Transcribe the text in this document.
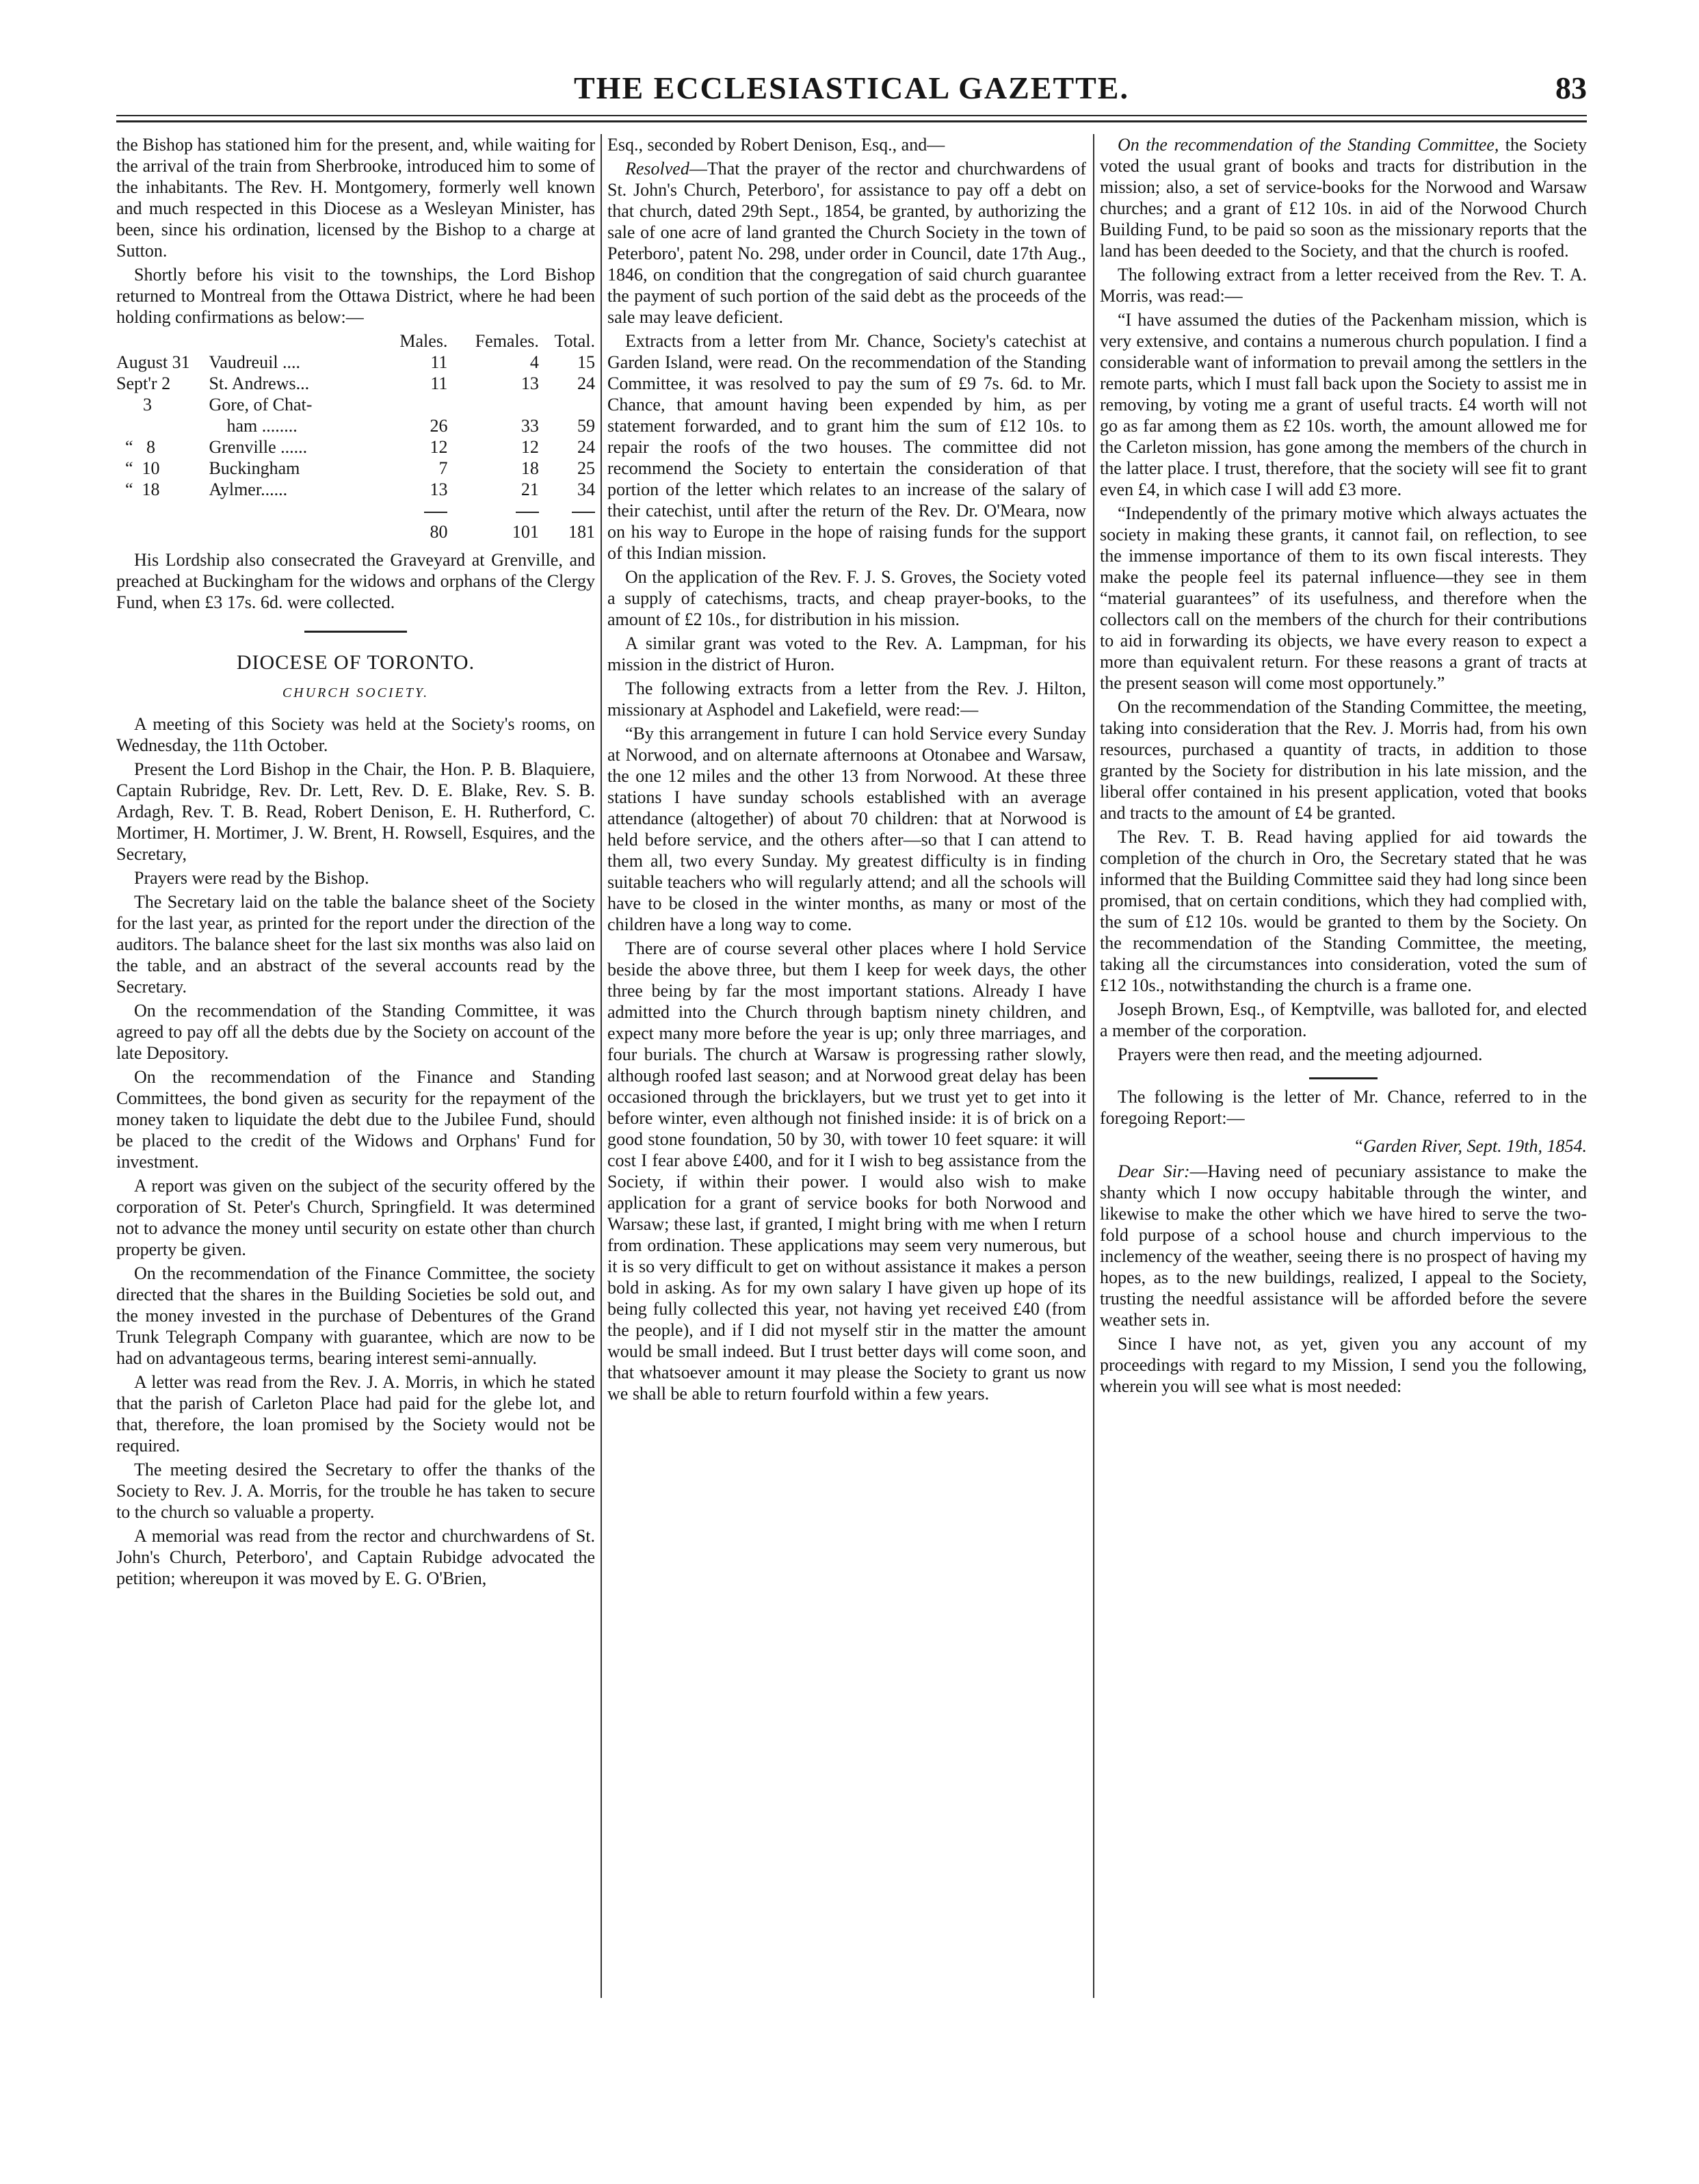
THE ECCLESIASTICAL GAZETTE.	83

the Bishop has stationed him for the present, and, while waiting for the arrival of the train from Sherbrooke, introduced him to some of the inhabitants. The Rev. H. Montgomery, formerly well known and much respected in this Diocese as a Wesleyan Minister, has been, since his ordination, licensed by the Bishop to a charge at Sutton.

Shortly before his visit to the townships, the Lord Bishop returned to Montreal from the Ottawa District, where he had been holding confirmations as below:—

		Males.	Females.	Total.
August 31	Vaudreuil ....	11	4	15
Sept'r 2	St. Andrews...	11	13	24
3	Gore, of Chat-			
	ham ........	26	33	59
“   8	Grenville ......	12	12	24
“  10	Buckingham	7	18	25
“  18	Aylmer......	13	21	34

		80	101	181

His Lordship also consecrated the Graveyard at Grenville, and preached at Buckingham for the widows and orphans of the Clergy Fund, when £3 17s. 6d. were collected.

DIOCESE OF TORONTO.

CHURCH SOCIETY.

A meeting of this Society was held at the Society's rooms, on Wednesday, the 11th October.

Present the Lord Bishop in the Chair, the Hon. P. B. Blaquiere, Captain Rubridge, Rev. Dr. Lett, Rev. D. E. Blake, Rev. S. B. Ardagh, Rev. T. B. Read, Robert Denison, E. H. Rutherford, C. Mortimer, H. Mortimer, J. W. Brent, H. Rowsell, Esquires, and the Secretary,

Prayers were read by the Bishop.

The Secretary laid on the table the balance sheet of the Society for the last year, as printed for the report under the direction of the auditors. The balance sheet for the last six months was also laid on the table, and an abstract of the several accounts read by the Secretary.

On the recommendation of the Standing Committee, it was agreed to pay off all the debts due by the Society on account of the late Depository.

On the recommendation of the Finance and Standing Committees, the bond given as security for the repayment of the money taken to liquidate the debt due to the Jubilee Fund, should be placed to the credit of the Widows and Orphans' Fund for investment.

A report was given on the subject of the security offered by the corporation of St. Peter's Church, Springfield. It was determined not to advance the money until security on estate other than church property be given.

On the recommendation of the Finance Committee, the society directed that the shares in the Building Societies be sold out, and the money invested in the purchase of Debentures of the Grand Trunk Telegraph Company with guarantee, which are now to be had on advantageous terms, bearing interest semi-annually.

A letter was read from the Rev. J. A. Morris, in which he stated that the parish of Carleton Place had paid for the glebe lot, and that, therefore, the loan promised by the Society would not be required.

The meeting desired the Secretary to offer the thanks of the Society to Rev. J. A. Morris, for the trouble he has taken to secure to the church so valuable a property.

A memorial was read from the rector and churchwardens of St. John's Church, Peterboro', and Captain Rubidge advocated the petition; whereupon it was moved by E. G. O'Brien,

Esq., seconded by Robert Denison, Esq., and—

Resolved—That the prayer of the rector and churchwardens of St. John's Church, Peterboro', for assistance to pay off a debt on that church, dated 29th Sept., 1854, be granted, by authorizing the sale of one acre of land granted the Church Society in the town of Peterboro', patent No. 298, under order in Council, date 17th Aug., 1846, on condition that the congregation of said church guarantee the payment of such portion of the said debt as the proceeds of the sale may leave deficient.

Extracts from a letter from Mr. Chance, Society's catechist at Garden Island, were read. On the recommendation of the Standing Committee, it was resolved to pay the sum of £9 7s. 6d. to Mr. Chance, that amount having been expended by him, as per statement forwarded, and to grant him the sum of £12 10s. to repair the roofs of the two houses. The committee did not recommend the Society to entertain the consideration of that portion of the letter which relates to an increase of the salary of their catechist, until after the return of the Rev. Dr. O'Meara, now on his way to Europe in the hope of raising funds for the support of this Indian mission.

On the application of the Rev. F. J. S. Groves, the Society voted a supply of catechisms, tracts, and cheap prayer-books, to the amount of £2 10s., for distribution in his mission.

A similar grant was voted to the Rev. A. Lampman, for his mission in the district of Huron.

The following extracts from a letter from the Rev. J. Hilton, missionary at Asphodel and Lakefield, were read:—

“By this arrangement in future I can hold Service every Sunday at Norwood, and on alternate afternoons at Otonabee and Warsaw, the one 12 miles and the other 13 from Norwood. At these three stations I have sunday schools established with an average attendance (altogether) of about 70 children: that at Norwood is held before service, and the others after—so that I can attend to them all, two every Sunday. My greatest difficulty is in finding suitable teachers who will regularly attend; and all the schools will have to be closed in the winter months, as many or most of the children have a long way to come.

There are of course several other places where I hold Service beside the above three, but them I keep for week days, the other three being by far the most important stations. Already I have admitted into the Church through baptism ninety children, and expect many more before the year is up; only three marriages, and four burials. The church at Warsaw is progressing rather slowly, although roofed last season; and at Norwood great delay has been occasioned through the bricklayers, but we trust yet to get into it before winter, even although not finished inside: it is of brick on a good stone foundation, 50 by 30, with tower 10 feet square: it will cost I fear above £400, and for it I wish to beg assistance from the Society, if within their power. I would also wish to make application for a grant of service books for both Norwood and Warsaw; these last, if granted, I might bring with me when I return from ordination. These applications may seem very numerous, but it is so very difficult to get on without assistance it makes a person bold in asking. As for my own salary I have given up hope of its being fully collected this year, not having yet received £40 (from the people), and if I did not myself stir in the matter the amount would be small indeed. But I trust better days will come soon, and that whatsoever amount it may please the Society to grant us now we shall be able to return fourfold within a few years.

On the recommendation of the Standing Committee, the Society voted the usual grant of books and tracts for distribution in the mission; also, a set of service-books for the Norwood and Warsaw churches; and a grant of £12 10s. in aid of the Norwood Church Building Fund, to be paid so soon as the missionary reports that the land has been deeded to the Society, and that the church is roofed.

The following extract from a letter received from the Rev. T. A. Morris, was read:—

“I have assumed the duties of the Packenham mission, which is very extensive, and contains a numerous church population. I find a considerable want of information to prevail among the settlers in the remote parts, which I must fall back upon the Society to assist me in removing, by voting me a grant of useful tracts. £4 worth will not go as far among them as £2 10s. worth, the amount allowed me for the Carleton mission, has gone among the members of the church in the latter place. I trust, therefore, that the society will see fit to grant even £4, in which case I will add £3 more.

“Independently of the primary motive which always actuates the society in making these grants, it cannot fail, on reflection, to see the immense importance of them to its own fiscal interests. They make the people feel its paternal influence—they see in them “material guarantees” of its usefulness, and therefore when the collectors call on the members of the church for their contributions to aid in forwarding its objects, we have every reason to expect a more than equivalent return. For these reasons a grant of tracts at the present season will come most opportunely.”

On the recommendation of the Standing Committee, the meeting, taking into consideration that the Rev. J. Morris had, from his own resources, purchased a quantity of tracts, in addition to those granted by the Society for distribution in his late mission, and the liberal offer contained in his present application, voted that books and tracts to the amount of £4 be granted.

The Rev. T. B. Read having applied for aid towards the completion of the church in Oro, the Secretary stated that he was informed that the Building Committee said they had long since been promised, that on certain conditions, which they had complied with, the sum of £12 10s. would be granted to them by the Society. On the recommendation of the Standing Committee, the meeting, taking all the circumstances into consideration, voted the sum of £12 10s., notwithstanding the church is a frame one.

Joseph Brown, Esq., of Kemptville, was balloted for, and elected a member of the corporation.

Prayers were then read, and the meeting adjourned.

The following is the letter of Mr. Chance, referred to in the foregoing Report:—

“Garden River, Sept. 19th, 1854.

Dear Sir:—Having need of pecuniary assistance to make the shanty which I now occupy habitable through the winter, and likewise to make the other which we have hired to serve the two-fold purpose of a school house and church impervious to the inclemency of the weather, seeing there is no prospect of having my hopes, as to the new buildings, realized, I appeal to the Society, trusting the needful assistance will be afforded before the severe weather sets in.

Since I have not, as yet, given you any account of my proceedings with regard to my Mission, I send you the following, wherein you will see what is most needed:
